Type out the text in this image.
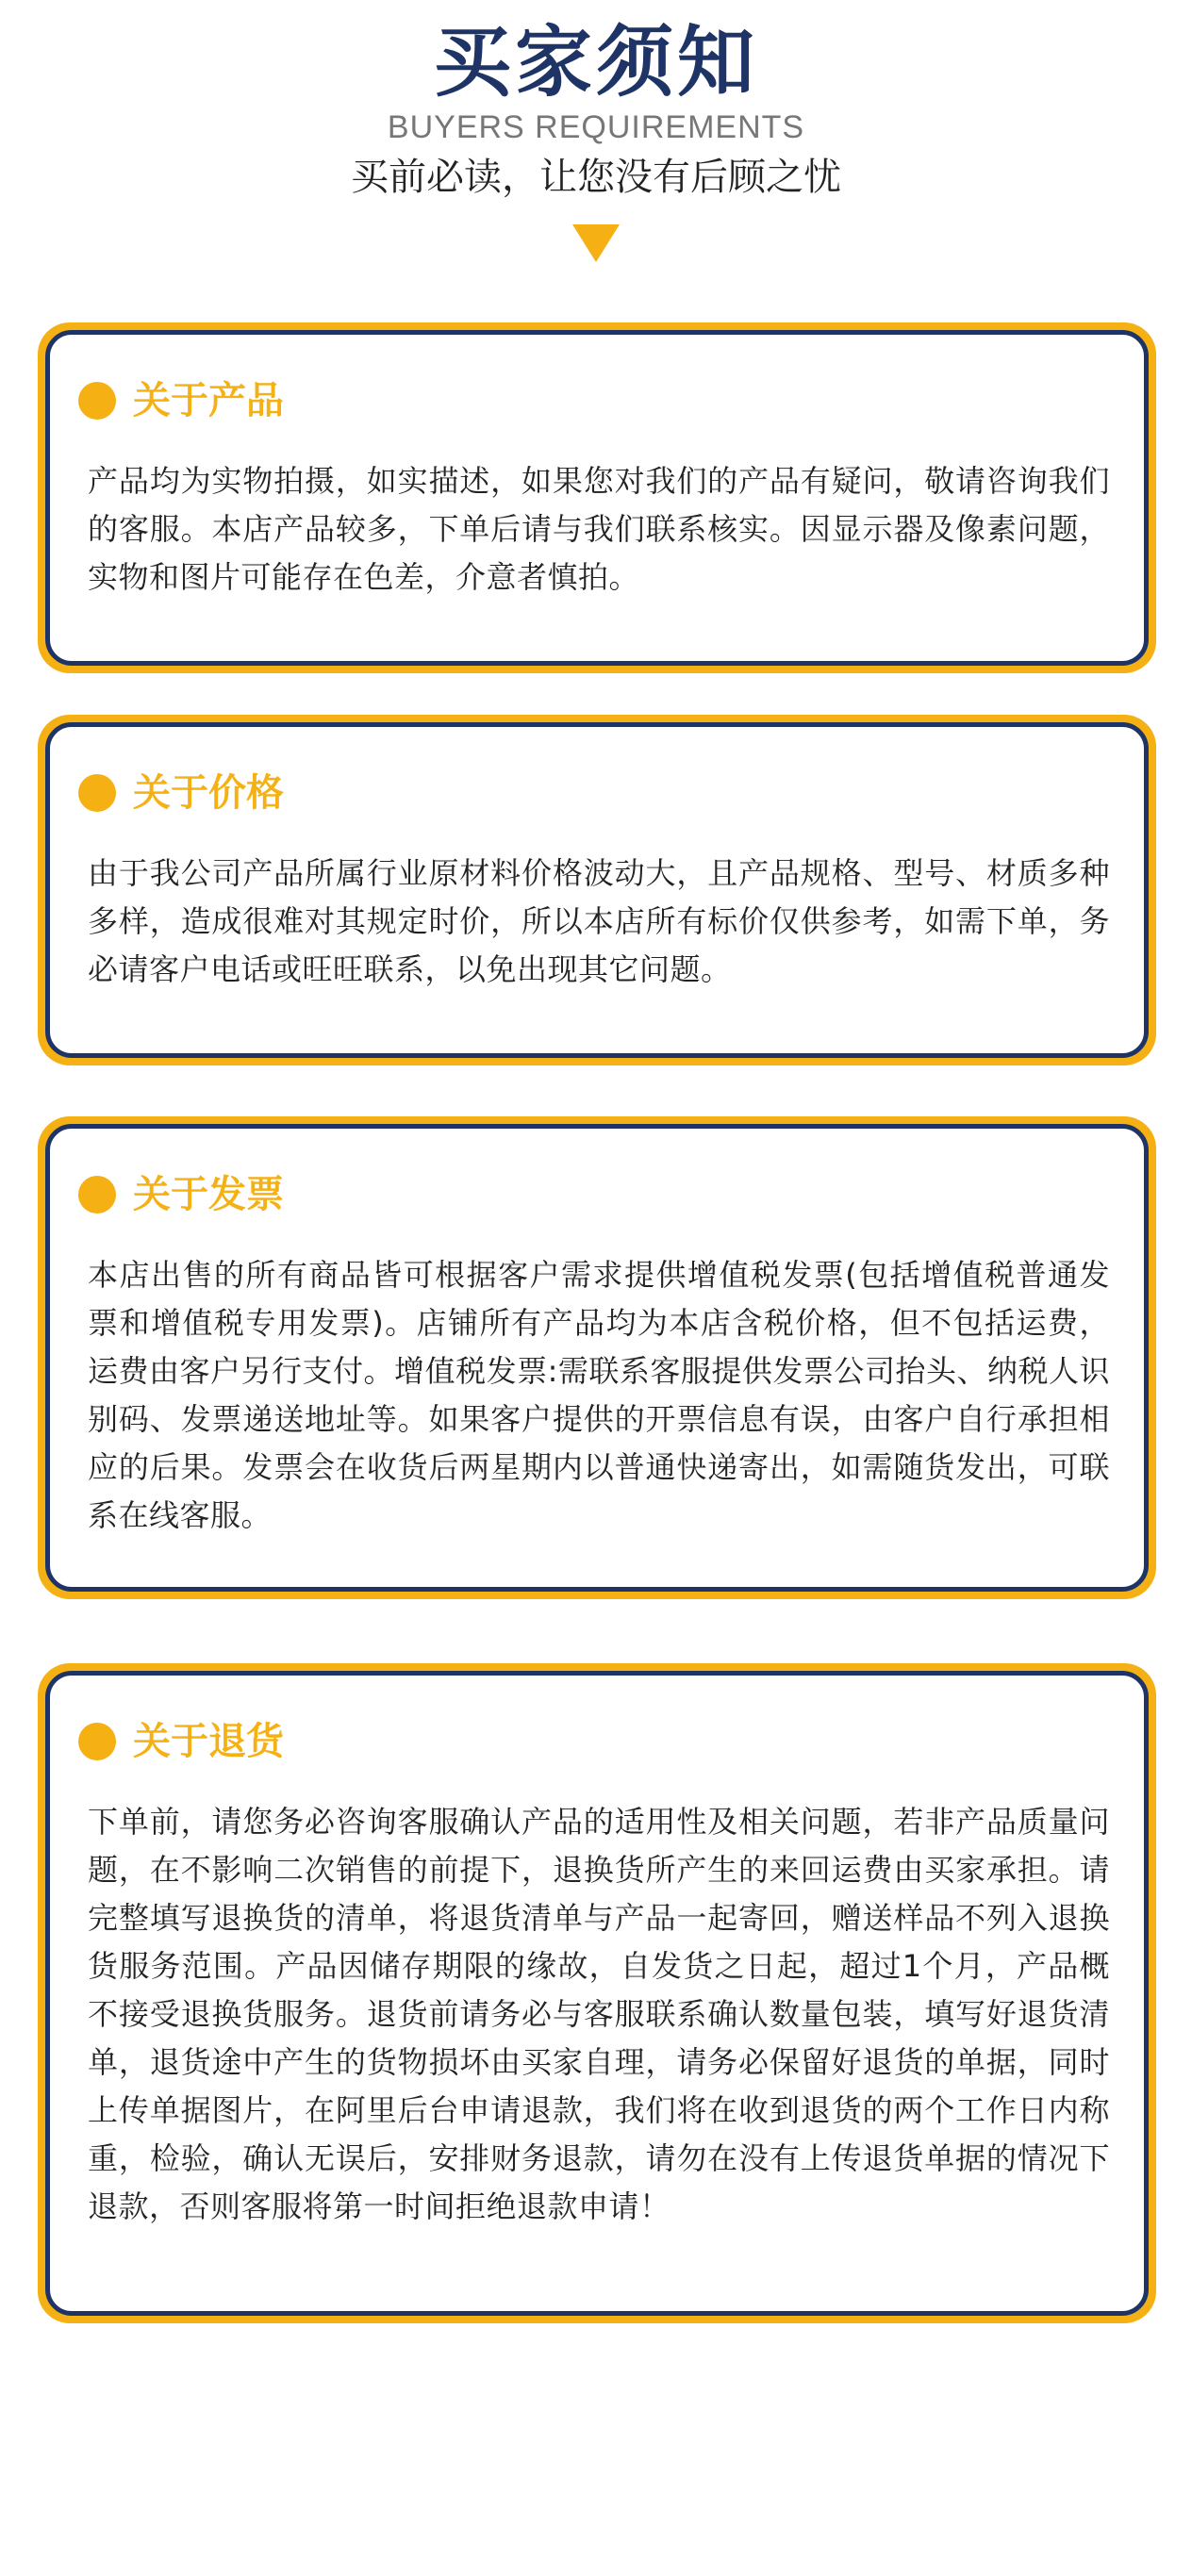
买家须知
BUYERS REQUIREMENTS
买前必读，让您没有后顾之忧
关于产品
产品均为实物拍摄，如实描述，如果您对我们的产品有疑问，敬请咨询我们的客服。本店产品较多，下单后请与我们联系核实。因显示器及像素问题，实物和图片可能存在色差，介意者慎拍。
关于价格
由于我公司产品所属行业原材料价格波动大，且产品规格、型号、材质多种多样，造成很难对其规定时价，所以本店所有标价仅供参考，如需下单，务必请客户电话或旺旺联系，以免出现其它问题。
关于发票
本店出售的所有商品皆可根据客户需求提供增值税发票(包括增值税普通发票和增值税专用发票)。店铺所有产品均为本店含税价格，但不包括运费，运费由客户另行支付。增值税发票:需联系客服提供发票公司抬头、纳税人识别码、发票递送地址等。如果客户提供的开票信息有误，由客户自行承担相应的后果。发票会在收货后两星期内以普通快递寄出，如需随货发出，可联系在线客服。
关于退货
下单前，请您务必咨询客服确认产品的适用性及相关问题，若非产品质量问题，在不影响二次销售的前提下，退换货所产生的来回运费由买家承担。请完整填写退换货的清单，将退货清单与产品一起寄回，赠送样品不列入退换货服务范围。产品因储存期限的缘故，自发货之日起，超过1个月，产品概不接受退换货服务。退货前请务必与客服联系确认数量包装，填写好退货清单，退货途中产生的货物损坏由买家自理，请务必保留好退货的单据，同时上传单据图片，在阿里后台申请退款，我们将在收到退货的两个工作日内称重，检验，确认无误后，安排财务退款，请勿在没有上传退货单据的情况下退款，否则客服将第一时间拒绝退款申请！
